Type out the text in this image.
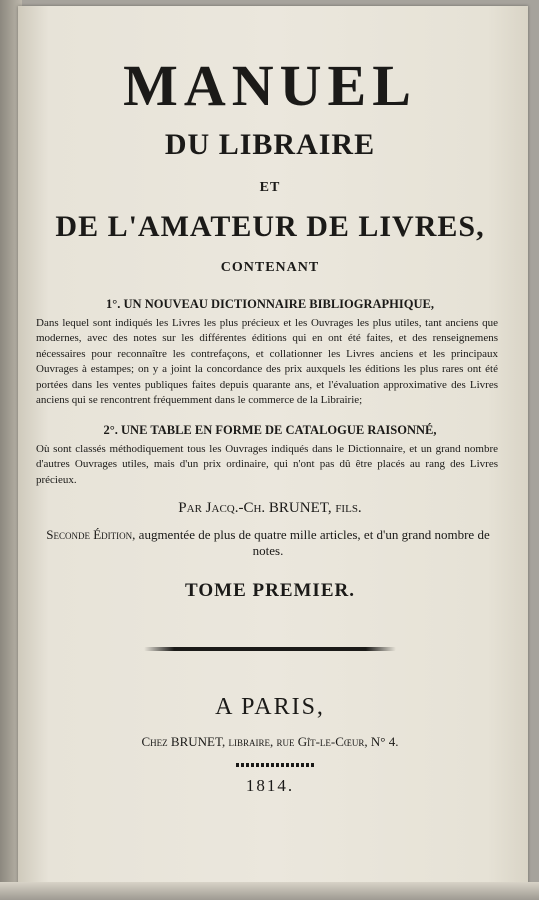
MANUEL
DU LIBRAIRE
ET
DE L'AMATEUR DE LIVRES,
CONTENANT
1°. UN NOUVEAU DICTIONNAIRE BIBLIOGRAPHIQUE,
Dans lequel sont indiqués les Livres les plus précieux et les Ouvrages les plus utiles, tant anciens que modernes, avec des notes sur les différentes éditions qui en ont été faites, et des renseignemens nécessaires pour reconnaître les contrefaçons, et collationner les Livres anciens et les principaux Ouvrages à estampes; on y a joint la concordance des prix auxquels les éditions les plus rares ont été portées dans les ventes publiques faites depuis quarante ans, et l'évaluation approximative des Livres anciens qui se rencontrent fréquemment dans le commerce de la Librairie;
2°. UNE TABLE EN FORME DE CATALOGUE RAISONNÉ,
Où sont classés méthodiquement tous les Ouvrages indiqués dans le Dictionnaire, et un grand nombre d'autres Ouvrages utiles, mais d'un prix ordinaire, qui n'ont pas dû être placés au rang des Livres précieux.
Par Jacq.-Ch. BRUNET, fils.
Seconde Édition, augmentée de plus de quatre mille articles, et d'un grand nombre de notes.
TOME PREMIER.
A PARIS,
Chez BRUNET, libraire, rue Gît-le-Cœur, N° 4.
1814.
